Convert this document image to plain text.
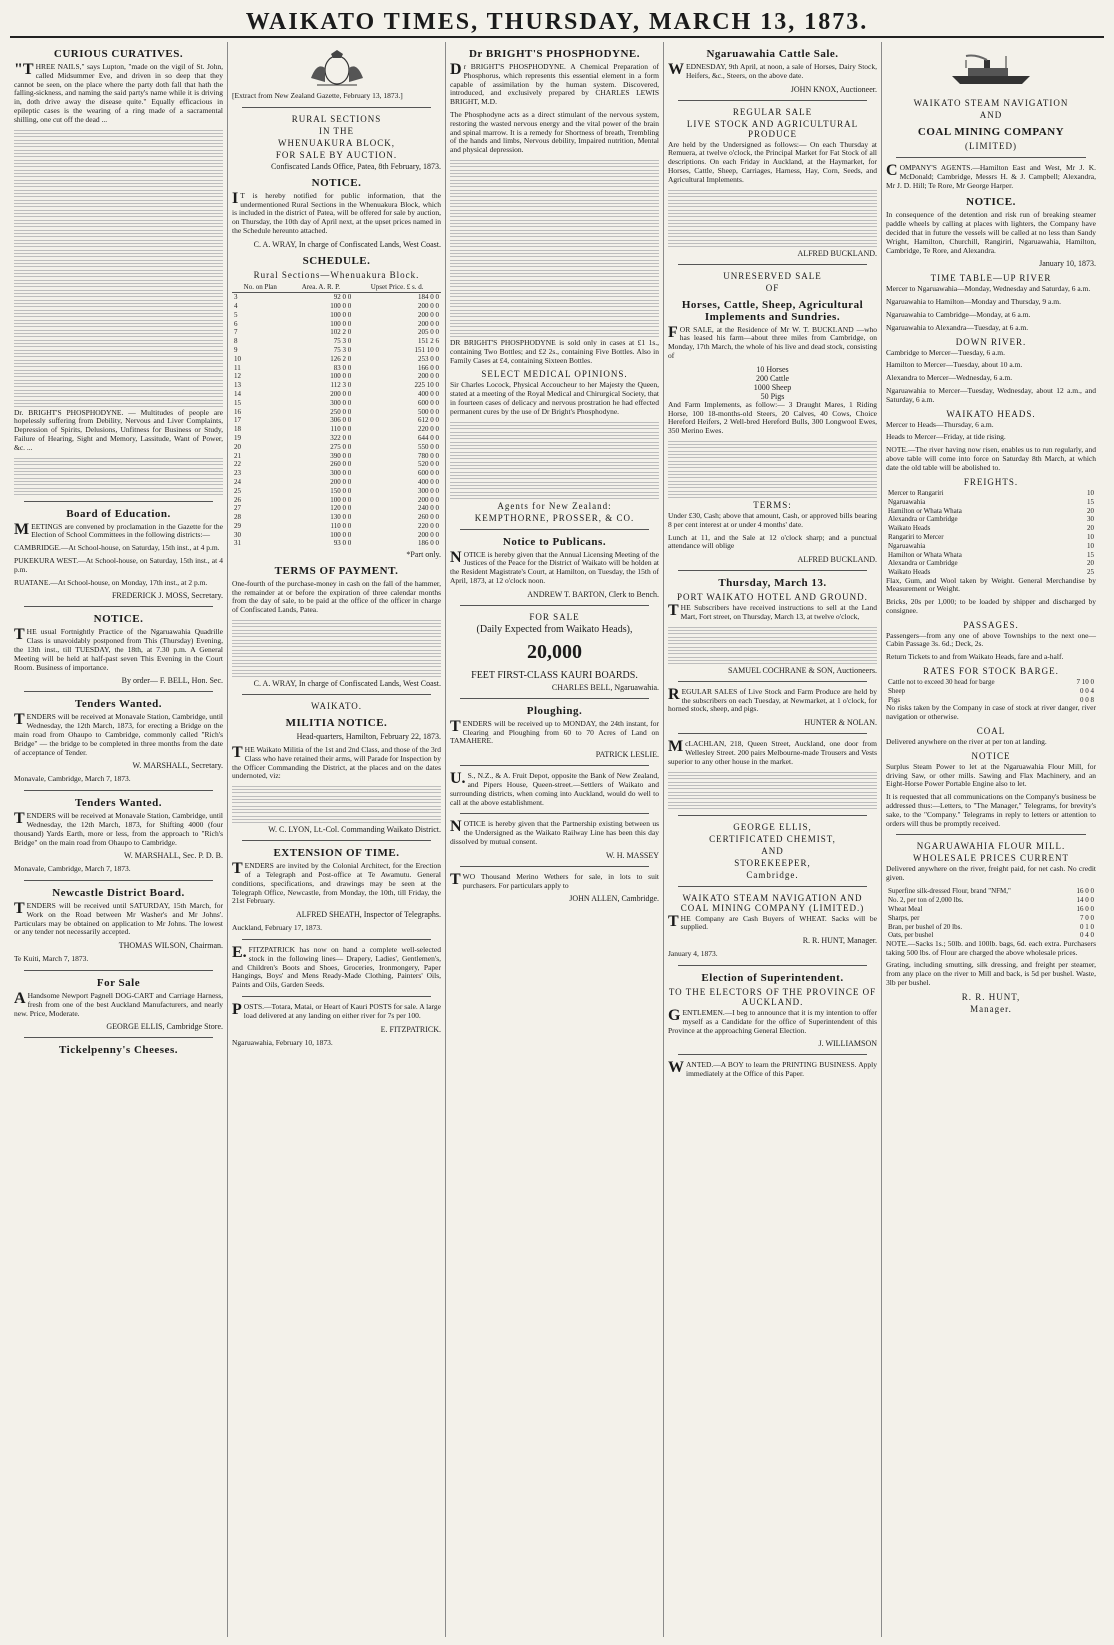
WAIKATO TIMES, THURSDAY, MARCH 13, 1873.
CURIOUS CURATIVES.

"THREE NAILS," says Lupton, "made on the vigil of St. John, called Midsummer Eve, and driven in so deep that they cannot be seen, on the place where the party doth fall that hath the falling-sickness, and naming the said party's name while it is driving in, doth drive away the disease quite." Equally efficacious in epileptic cases is the wearing of a ring made of a sacramental shilling, one cut off the dead ...

Dr. BRIGHT'S PHOSPHODYNE. — Multitudes of people are hopelessly suffering from Debility, Nervous and Liver Complaints, Depression of Spirits, Delusions, Unfitness for Business or Study, Failure of Hearing, Sight and Memory, Lassitude, Want of Power, &c. ...

Board of Education.

MEETINGS are convened by proclamation in the Gazette for the Election of School Committees in the following districts:—

CAMBRIDGE.—At School-house, on Saturday, 15th inst., at 4 p.m.

PUKEKURA WEST.—At School-house, on Saturday, 15th inst., at 4 p.m.

RUATANE.—At School-house, on Monday, 17th inst., at 2 p.m.

FREDERICK J. MOSS, Secretary.
NOTICE.

THE usual Fortnightly Practice of the Ngaruawahia Quadrille Class is unavoidably postponed from This (Thursday) Evening, the 13th inst., till TUESDAY, the 18th, at 7.30 p.m. A General Meeting will be held at half-past seven This Evening in the Court Room. Business of importance.

By order— F. BELL, Hon. Sec.
Tenders Wanted.

TENDERS will be received at Monavale Station, Cambridge, until Wednesday, the 12th March, 1873, for erecting a Bridge on the main road from Ohaupo to Cambridge, commonly called "Rich's Bridge" — the bridge to be completed in three months from the date of acceptance of Tender.

W. MARSHALL, Secretary.

Monavale, Cambridge, March 7, 1873.

Tenders Wanted.

TENDERS will be received at Monavale Station, Cambridge, until Wednesday, the 12th March, 1873, for Shifting 4000 (four thousand) Yards Earth, more or less, from the approach to "Rich's Bridge" on the main road from Ohaupo to Cambridge.

W. MARSHALL, Sec. P. D. B.

Monavale, Cambridge, March 7, 1873.

Newcastle District Board.

TENDERS will be received until SATURDAY, 15th March, for Work on the Road between Mr Washer's and Mr Johns'. Particulars may be obtained on application to Mr Johns. The lowest or any tender not necessarily accepted.

THOMAS WILSON, Chairman.

Te Kuiti, March 7, 1873.

For Sale

AHandsome Newport Pagnell DOG-CART and Carriage Harness, fresh from one of the best Auckland Manufacturers, and nearly new. Price, Moderate.

GEORGE ELLIS, Cambridge Store.
Tickelpenny's Cheeses.

[Extract from New Zealand Gazette, February 13, 1873.]

RURAL SECTIONS
IN THE
WHENUAKURA BLOCK,
FOR SALE BY AUCTION.
Confiscated Lands Office, Patea, 8th February, 1873.
NOTICE.

IT is hereby notified for public information, that the undermentioned Rural Sections in the Whenuakura Block, which is included in the district of Patea, will be offered for sale by auction, on Thursday, the 10th day of April next, at the upset prices named in the Schedule hereunto attached.

C. A. WRAY, In charge of Confiscated Lands, West Coast.
SCHEDULE.
Rural Sections—Whenuakura Block.
No. on Plan	Area. A. R. P.	Upset Price. £ s. d.
3	92 0 0	184 0 0
4	100 0 0	200 0 0
5	100 0 0	200 0 0
6	100 0 0	200 0 0
7	102 2 0	205 0 0
8	75 3 0	151 2 6
9	75 3 0	151 10 0
10	126 2 0	253 0 0
11	83 0 0	166 0 0
12	100 0 0	200 0 0
13	112 3 0	225 10 0
14	200 0 0	400 0 0
15	300 0 0	600 0 0
16	250 0 0	500 0 0
17	306 0 0	612 0 0
18	110 0 0	220 0 0
19	322 0 0	644 0 0
20	275 0 0	550 0 0
21	390 0 0	780 0 0
22	260 0 0	520 0 0
23	300 0 0	600 0 0
24	200 0 0	400 0 0
25	150 0 0	300 0 0
26	100 0 0	200 0 0
27	120 0 0	240 0 0
28	130 0 0	260 0 0
29	110 0 0	220 0 0
30	100 0 0	200 0 0
31	93 0 0	186 0 0
*Part only.
TERMS OF PAYMENT.

One-fourth of the purchase-money in cash on the fall of the hammer, the remainder at or before the expiration of three calendar months from the day of sale, to be paid at the office of the officer in charge of Confiscated Lands, Patea.

C. A. WRAY, In charge of Confiscated Lands, West Coast.
WAIKATO.
MILITIA NOTICE.
Head-quarters, Hamilton, February 22, 1873.

THE Waikato Militia of the 1st and 2nd Class, and those of the 3rd Class who have retained their arms, will Parade for Inspection by the Officer Commanding the District, at the places and on the dates undernoted, viz:

W. C. LYON, Lt.-Col. Commanding Waikato District.
EXTENSION OF TIME.

TENDERS are invited by the Colonial Architect, for the Erection of a Telegraph and Post-office at Te Awamutu. General conditions, specifications, and drawings may be seen at the Telegraph Office, Newcastle, from Monday, the 10th, till Friday, the 21st February.

ALFRED SHEATH, Inspector of Telegraphs.

Auckland, February 17, 1873.

E.FITZPATRICK has now on hand a complete well-selected stock in the following lines— Drapery, Ladies', Gentlemen's, and Children's Boots and Shoes, Groceries, Ironmongery, Paper Hangings, Boys' and Mens Ready-Made Clothing, Painters' Oils, Paints and Oils, Garden Seeds.

POSTS.—Totara, Matai, or Heart of Kauri POSTS for sale. A large load delivered at any landing on either river for 7s per 100.

E. FITZPATRICK.

Ngaruawahia, February 10, 1873.

Dr BRIGHT'S PHOSPHODYNE.

Dr BRIGHT'S PHOSPHODYNE. A Chemical Preparation of Phosphorus, which represents this essential element in a form capable of assimilation by the human system. Discovered, introduced, and exclusively prepared by CHARLES LEWIS BRIGHT, M.D.

The Phosphodyne acts as a direct stimulant of the nervous system, restoring the wasted nervous energy and the vital power of the brain and spinal marrow. It is a remedy for Shortness of breath, Trembling of the hands and limbs, Nervous debility, Impaired nutrition, Mental and physical depression.

DR BRIGHT'S PHOSPHODYNE is sold only in cases at £1 1s., containing Two Bottles; and £2 2s., containing Five Bottles. Also in Family Cases at £4, containing Sixteen Bottles.

SELECT MEDICAL OPINIONS.

Sir Charles Locock, Physical Accoucheur to her Majesty the Queen, stated at a meeting of the Royal Medical and Chirurgical Society, that in fourteen cases of delicacy and nervous prostration he had effected permanent cures by the use of Dr Bright's Phosphodyne.

Agents for New Zealand:
KEMPTHORNE, PROSSER, & CO.
Notice to Publicans.

NOTICE is hereby given that the Annual Licensing Meeting of the Justices of the Peace for the District of Waikato will be holden at the Resident Magistrate's Court, at Hamilton, on Tuesday, the 15th of April, 1873, at 12 o'clock noon.

ANDREW T. BARTON, Clerk to Bench.
FOR SALE
(Daily Expected from Waikato Heads),
20,000
FEET FIRST-CLASS KAURI BOARDS.
CHARLES BELL, Ngaruawahia.
Ploughing.

TENDERS will be received up to MONDAY, the 24th instant, for Clearing and Ploughing from 60 to 70 Acres of Land on TAMAHERE.

PATRICK LESLIE.

U.S., N.Z., & A. Fruit Depot, opposite the Bank of New Zealand, and Pipers House, Queen-street.—Settlers of Waikato and surrounding districts, when coming into Auckland, would do well to call at the above establishment.

NOTICE is hereby given that the Partnership existing between us the Undersigned as the Waikato Railway Line has been this day dissolved by mutual consent.

W. H. MASSEY

TWO Thousand Merino Wethers for sale, in lots to suit purchasers. For particulars apply to

JOHN ALLEN, Cambridge.
Ngaruawahia Cattle Sale.

WEDNESDAY, 9th April, at noon, a sale of Horses, Dairy Stock, Heifers, &c., Steers, on the above date.

JOHN KNOX, Auctioneer.
REGULAR SALE
LIVE STOCK AND AGRICULTURAL PRODUCE

Are held by the Undersigned as follows:— On each Thursday at Remuera, at twelve o'clock, the Principal Market for Fat Stock of all descriptions. On each Friday in Auckland, at the Haymarket, for Horses, Cattle, Sheep, Carriages, Harness, Hay, Corn, Seeds, and Agricultural Implements.

ALFRED BUCKLAND.
UNRESERVED SALE
OF
Horses, Cattle, Sheep, Agricultural Implements and Sundries.

FOR SALE, at the Residence of Mr W. T. BUCKLAND —who has leased his farm—about three miles from Cambridge, on Monday, 17th March, the whole of his live and dead stock, consisting of

10 Horses
200 Cattle
1000 Sheep
50 Pigs

And Farm Implements, as follow:— 3 Draught Mares, 1 Riding Horse, 100 18-months-old Steers, 20 Calves, 40 Cows, Choice Hereford Heifers, 2 Well-bred Hereford Bulls, 300 Longwool Ewes, 350 Merino Ewes.

TERMS:

Under £30, Cash; above that amount, Cash, or approved bills bearing 8 per cent interest at or under 4 months' date.

Lunch at 11, and the Sale at 12 o'clock sharp; and a punctual attendance will oblige

ALFRED BUCKLAND.
Thursday, March 13.
PORT WAIKATO HOTEL AND GROUND.

THE Subscribers have received instructions to sell at the Land Mart, Fort street, on Thursday, March 13, at twelve o'clock,

SAMUEL COCHRANE & SON, Auctioneers.

REGULAR SALES of Live Stock and Farm Produce are held by the subscribers on each Tuesday, at Newmarket, at 1 o'clock, for horned stock, sheep, and pigs.

HUNTER & NOLAN.

McLACHLAN, 218, Queen Street, Auckland, one door from Wellesley Street. 200 pairs Melbourne-made Trousers and Vests superior to any other house in the market.

GEORGE ELLIS,
CERTIFICATED CHEMIST,
AND
STOREKEEPER,
Cambridge.
WAIKATO STEAM NAVIGATION AND COAL MINING COMPANY (LIMITED.)

THE Company are Cash Buyers of WHEAT. Sacks will be supplied.

R. R. HUNT, Manager.

January 4, 1873.

Election of Superintendent.
TO THE ELECTORS OF THE PROVINCE OF AUCKLAND.

GENTLEMEN.—I beg to announce that it is my intention to offer myself as a Candidate for the office of Superintendent of this Province at the approaching General Election.

J. WILLIAMSON

WANTED.—A BOY to learn the PRINTING BUSINESS. Apply immediately at the Office of this Paper.

WAIKATO STEAM NAVIGATION
AND
COAL MINING COMPANY
(LIMITED)

COMPANY'S AGENTS.—Hamilton East and West, Mr J. K. McDonald; Cambridge, Messrs H. & J. Campbell; Alexandra, Mr J. D. Hill; Te Rore, Mr George Harper.

NOTICE.

In consequence of the detention and risk run of breaking steamer paddle wheels by calling at places with lighters, the Company have decided that in future the vessels will be called at no less than Sandy Wright, Hamilton, Churchill, Rangiriri, Ngaruawahia, Hamilton, Cambridge, Te Rore, and Alexandra.

January 10, 1873.
TIME TABLE—UP RIVER

Mercer to Ngaruawahia—Monday, Wednesday and Saturday, 6 a.m.

Ngaruawahia to Hamilton—Monday and Thursday, 9 a.m.

Ngaruawahia to Cambridge—Monday, at 6 a.m.

Ngaruawahia to Alexandra—Tuesday, at 6 a.m.

DOWN RIVER.

Cambridge to Mercer—Tuesday, 6 a.m.

Hamilton to Mercer—Tuesday, about 10 a.m.

Alexandra to Mercer—Wednesday, 6 a.m.

Ngaruawahia to Mercer—Tuesday, Wednesday, about 12 a.m., and Saturday, 6 a.m.

WAIKATO HEADS.

Mercer to Heads—Thursday, 6 a.m.

Heads to Mercer—Friday, at tide rising.

NOTE.—The river having now risen, enables us to run regularly, and above table will come into force on Saturday 8th March, at which date the old table will be abolished to.

FREIGHTS.
Mercer to Rangariri	10
Ngaruawahia	15
Hamilton or Whata Whata	20
Alexandra or Cambridge	30
Waikato Heads	20
Rangariri to Mercer	10
Ngaruawahia	10
Hamilton or Whata Whata	15
Alexandra or Cambridge	20
Waikato Heads	25

Flax, Gum, and Wool taken by Weight. General Merchandise by Measurement or Weight.

Bricks, 20s per 1,000; to be loaded by shipper and discharged by consignee.

PASSAGES.

Passengers—from any one of above Townships to the next one—Cabin Passage 3s. 6d.; Deck, 2s.

Return Tickets to and from Waikato Heads, fare and a-half.

RATES FOR STOCK BARGE.
Cattle not to exceed 30 head for barge	7 10 0
Sheep	0 0 4
Pigs	0 0 8

No risks taken by the Company in case of stock at river danger, river navigation or otherwise.

COAL

Delivered anywhere on the river at per ton at landing.

NOTICE

Surplus Steam Power to let at the Ngaruawahia Flour Mill, for driving Saw, or other mills. Sawing and Flax Machinery, and an Eight-Horse Power Portable Engine also to let.

It is requested that all communications on the Company's business be addressed thus:—Letters, to "The Manager," Telegrams, for brevity's sake, to the "Company." Telegrams in reply to letters or attention to orders will thus be promptly received.

NGARUAWAHIA FLOUR MILL.
WHOLESALE PRICES CURRENT

Delivered anywhere on the river, freight paid, for net cash. No credit given.

Superfine silk-dressed Flour, brand "NFM,"	16 0 0
No. 2, per ton of 2,000 lbs.	14 0 0
Wheat Meal	16 0 0
Sharps, per	7 0 0
Bran, per bushel of 20 lbs.	0 1 0
Oats, per bushel	0 4 0

NOTE.—Sacks 1s.; 50lb. and 100lb. bags, 6d. each extra. Purchasers taking 500 lbs. of Flour are charged the above wholesale prices.

Grating, including smutting, silk dressing, and freight per steamer, from any place on the river to Mill and back, is 5d per bushel. Waste, 3lb per bushel.

R. R. HUNT,
Manager.
